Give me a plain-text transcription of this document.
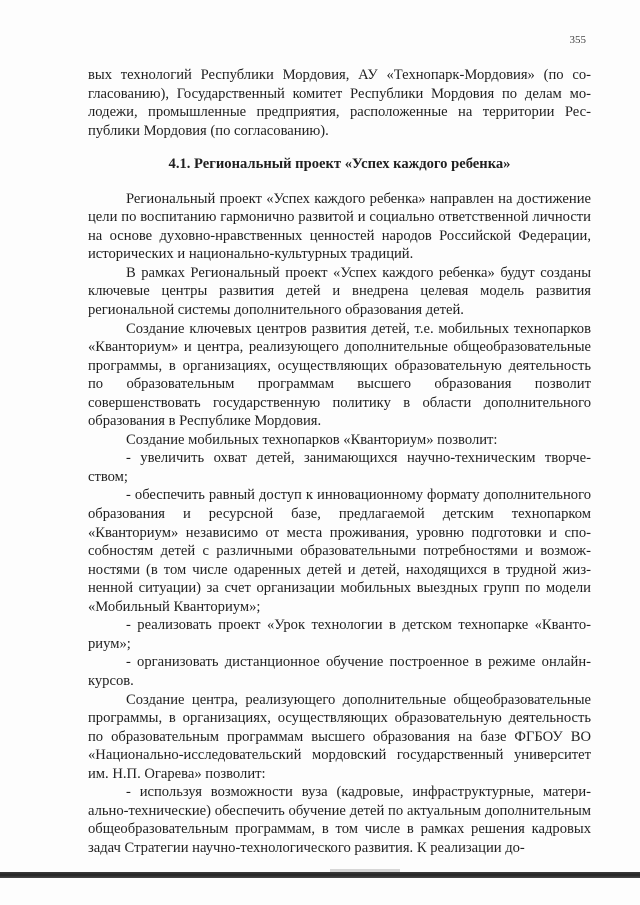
355

вых технологий Республики Мордовия, АУ «Технопарк-Мордовия» (по согласованию), Государственный комитет Республики Мордовия по делам молодежи, промышленные предприятия, расположенные на территории Республики Мордовия (по согласованию).

4.1. Региональный проект «Успех каждого ребенка»

Региональный проект «Успех каждого ребенка» направлен на достижение цели по воспитанию гармонично развитой и социально ответственной личности на основе духовно-нравственных ценностей народов Российской Федерации, исторических и национально-культурных традиций.

В рамках Региональный проект «Успех каждого ребенка» будут созданы ключевые центры развития детей и внедрена целевая модель развития региональной системы дополнительного образования детей.

Создание ключевых центров развития детей, т.е. мобильных технопарков «Кванториум» и центра, реализующего дополнительные общеобразовательные программы, в организациях, осуществляющих образовательную деятельность по образовательным программам высшего образования позволит совершенствовать государственную политику в области дополнительного образования в Республике Мордовия.

Создание мобильных технопарков «Кванториум» позволит:

- увеличить охват детей, занимающихся научно-техническим творчеством;

- обеспечить равный доступ к инновационному формату дополнительного образования и ресурсной базе, предлагаемой детским технопарком «Кванториум» независимо от места проживания, уровню подготовки и способностям детей с различными образовательными потребностями и возможностями (в том числе одаренных детей и детей, находящихся в трудной жизненной ситуации) за счет организации мобильных выездных групп по модели «Мобильный Кванториум»;

- реализовать проект «Урок технологии в детском технопарке «Кванториум»;

- организовать дистанционное обучение построенное в режиме онлайн-курсов.

Создание центра, реализующего дополнительные общеобразовательные программы, в организациях, осуществляющих образовательную деятельность по образовательным программам высшего образования на базе ФГБОУ ВО «Национально-исследовательский мордовский государственный университет им. Н.П. Огарева» позволит:

- используя возможности вуза (кадровые, инфраструктурные, материально-технические) обеспечить обучение детей по актуальным дополнительным общеобразовательным программам, в том числе в рамках решения кадровых задач Стратегии научно-технологического развития. К реализации до-
